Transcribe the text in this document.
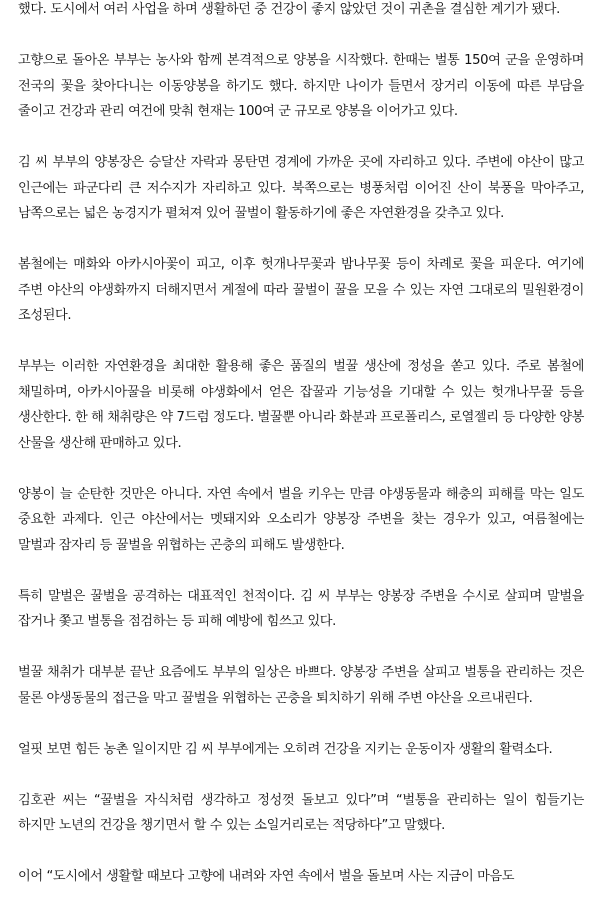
했다. 도시에서 여러 사업을 하며 생활하던 중 건강이 좋지 않았던 것이 귀촌을 결심한 계기가 됐다.

고향으로 돌아온 부부는 농사와 함께 본격적으로 양봉을 시작했다. 한때는 벌통 150여 군을 운영하며 전국의 꽃을 찾아다니는 이동양봉을 하기도 했다. 하지만 나이가 들면서 장거리 이동에 따른 부담을 줄이고 건강과 관리 여건에 맞춰 현재는 100여 군 규모로 양봉을 이어가고 있다.

김 씨 부부의 양봉장은 승달산 자락과 몽탄면 경계에 가까운 곳에 자리하고 있다. 주변에 야산이 많고 인근에는 파군다리 큰 저수지가 자리하고 있다. 북쪽으로는 병풍처럼 이어진 산이 북풍을 막아주고, 남쪽으로는 넓은 농경지가 펼쳐져 있어 꿀벌이 활동하기에 좋은 자연환경을 갖추고 있다.

봄철에는 매화와 아카시아꽃이 피고, 이후 헛개나무꽃과 밤나무꽃 등이 차례로 꽃을 피운다. 여기에 주변 야산의 야생화까지 더해지면서 계절에 따라 꿀벌이 꿀을 모을 수 있는 자연 그대로의 밀원환경이 조성된다.

부부는 이러한 자연환경을 최대한 활용해 좋은 품질의 벌꿀 생산에 정성을 쏟고 있다. 주로 봄철에 채밀하며, 아카시아꿀을 비롯해 야생화에서 얻은 잡꿀과 기능성을 기대할 수 있는 헛개나무꿀 등을 생산한다. 한 해 채취량은 약 7드럼 정도다. 벌꿀뿐 아니라 화분과 프로폴리스, 로열젤리 등 다양한 양봉 산물을 생산해 판매하고 있다.

양봉이 늘 순탄한 것만은 아니다. 자연 속에서 벌을 키우는 만큼 야생동물과 해충의 피해를 막는 일도 중요한 과제다. 인근 야산에서는 멧돼지와 오소리가 양봉장 주변을 찾는 경우가 있고, 여름철에는 말벌과 잠자리 등 꿀벌을 위협하는 곤충의 피해도 발생한다.

특히 말벌은 꿀벌을 공격하는 대표적인 천적이다. 김 씨 부부는 양봉장 주변을 수시로 살피며 말벌을 잡거나 쫓고 벌통을 점검하는 등 피해 예방에 힘쓰고 있다.

벌꿀 채취가 대부분 끝난 요즘에도 부부의 일상은 바쁘다. 양봉장 주변을 살피고 벌통을 관리하는 것은 물론 야생동물의 접근을 막고 꿀벌을 위협하는 곤충을 퇴치하기 위해 주변 야산을 오르내린다.

얼핏 보면 힘든 농촌 일이지만 김 씨 부부에게는 오히려 건강을 지키는 운동이자 생활의 활력소다.

김호관 씨는 “꿀벌을 자식처럼 생각하고 정성껏 돌보고 있다”며 “벌통을 관리하는 일이 힘들기는 하지만 노년의 건강을 챙기면서 할 수 있는 소일거리로는 적당하다”고 말했다.

이어 “도시에서 생활할 때보다 고향에 내려와 자연 속에서 벌을 돌보며 사는 지금이 마음도
